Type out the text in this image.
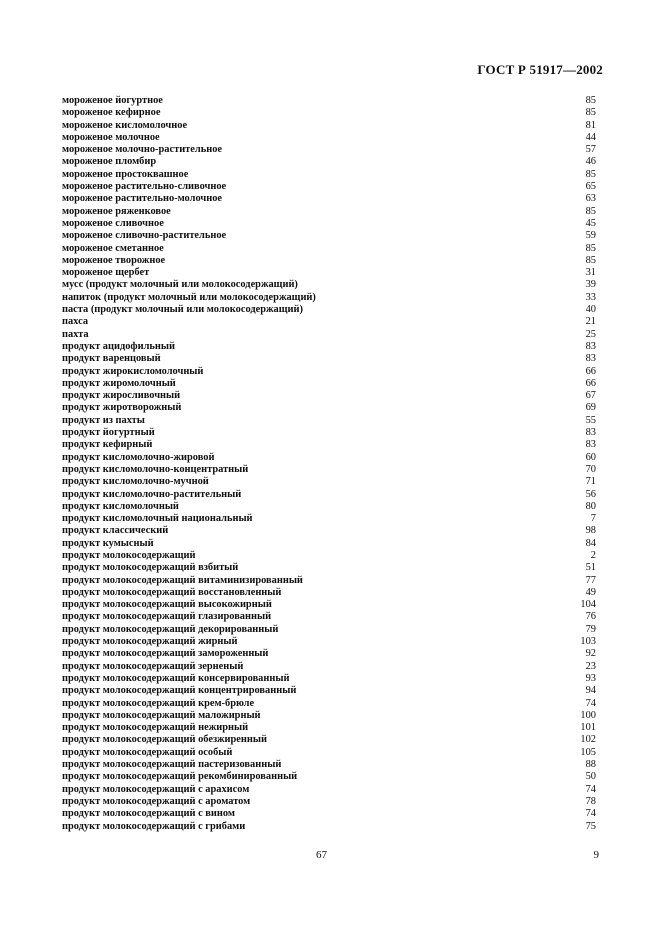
ГОСТ Р 51917—2002
мороженое йогуртное	85
мороженое кефирное	85
мороженое кисломолочное	81
мороженое молочное	44
мороженое молочно-растительное	57
мороженое пломбир	46
мороженое простоквашное	85
мороженое растительно-сливочное	65
мороженое растительно-молочное	63
мороженое ряженковое	85
мороженое сливочное	45
мороженое сливочно-растительное	59
мороженое сметанное	85
мороженое творожное	85
мороженое щербет	31
мусс (продукт молочный или молокосодержащий)	39
напиток (продукт молочный или молокосодержащий)	33
паста (продукт молочный или молокосодержащий)	40
пахса	21
пахта	25
продукт ацидофильный	83
продукт варенцовый	83
продукт жирокисломолочный	66
продукт жиромолочный	66
продукт жиросливочный	67
продукт жиротворожный	69
продукт из пахты	55
продукт йогуртный	83
продукт кефирный	83
продукт кисломолочно-жировой	60
продукт кисломолочно-концентратный	70
продукт кисломолочно-мучной	71
продукт кисломолочно-растительный	56
продукт кисломолочный	80
продукт кисломолочный национальный	7
продукт классический	98
продукт кумысный	84
продукт молокосодержащий	2
продукт молокосодержащий взбитый	51
продукт молокосодержащий витаминизированный	77
продукт молокосодержащий восстановленный	49
продукт молокосодержащий высокожирный	104
продукт молокосодержащий глазированный	76
продукт молокосодержащий декорированный	79
продукт молокосодержащий жирный	103
продукт молокосодержащий замороженный	92
продукт молокосодержащий зерненый	23
продукт молокосодержащий консервированный	93
продукт молокосодержащий концентрированный	94
продукт молокосодержащий крем-брюле	74
продукт молокосодержащий маложирный	100
продукт молокосодержащий нежирный	101
продукт молокосодержащий обезжиренный	102
продукт молокосодержащий особый	105
продукт молокосодержащий пастеризованный	88
продукт молокосодержащий рекомбинированный	50
продукт молокосодержащий с арахисом	74
продукт молокосодержащий с ароматом	78
продукт молокосодержащий с вином	74
продукт молокосодержащий с грибами	75
67	9
